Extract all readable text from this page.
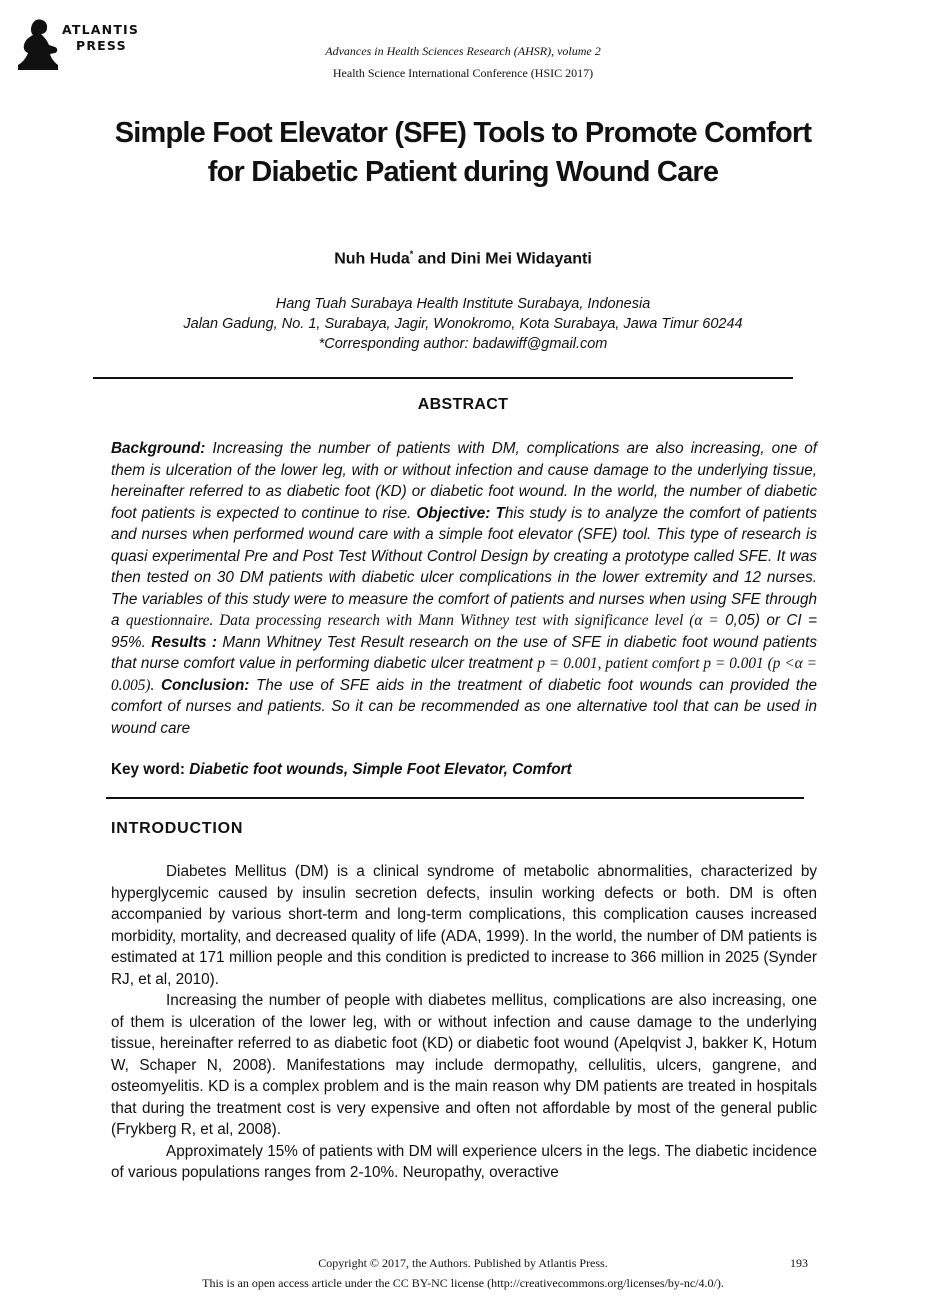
ATLANTIS
PRESS	Advances in Health Sciences Research (AHSR), volume 2
Health Science International Conference (HSIC 2017)
Simple Foot Elevator (SFE) Tools to Promote Comfort for Diabetic Patient during Wound Care
Nuh Huda* and Dini Mei Widayanti
Hang Tuah Surabaya Health Institute Surabaya, Indonesia
Jalan Gadung, No. 1, Surabaya, Jagir, Wonokromo, Kota Surabaya, Jawa Timur 60244
*Corresponding author: badawiff@gmail.com
ABSTRACT

Background: Increasing the number of patients with DM, complications are also increasing, one of them is ulceration of the lower leg, with or without infection and cause damage to the underlying tissue, hereinafter referred to as diabetic foot (KD) or diabetic foot wound. In the world, the number of diabetic foot patients is expected to continue to rise. Objective: This study is to analyze the comfort of patients and nurses when performed wound care with a simple foot elevator (SFE) tool. This type of research is quasi experimental Pre and Post Test Without Control Design by creating a prototype called SFE. It was then tested on 30 DM patients with diabetic ulcer complications in the lower extremity and 12 nurses. The variables of this study were to measure the comfort of patients and nurses when using SFE through a questionnaire. Data processing research with Mann Withney test with significance level (α = 0,05) or CI = 95%. Results : Mann Whitney Test Result research on the use of SFE in diabetic foot wound patients that nurse comfort value in performing diabetic ulcer treatment p = 0.001, patient comfort p = 0.001 (p <α = 0.005). Conclusion: The use of SFE aids in the treatment of diabetic foot wounds can provided the comfort of nurses and patients. So it can be recommended as one alternative tool that can be used in wound care

Key word: Diabetic foot wounds, Simple Foot Elevator, Comfort
INTRODUCTION

Diabetes Mellitus (DM) is a clinical syndrome of metabolic abnormalities, characterized by hyperglycemic caused by insulin secretion defects, insulin working defects or both. DM is often accompanied by various short-term and long-term complications, this complication causes increased morbidity, mortality, and decreased quality of life (ADA, 1999). In the world, the number of DM patients is estimated at 171 million people and this condition is predicted to increase to 366 million in 2025 (Synder RJ, et al, 2010).

Increasing the number of people with diabetes mellitus, complications are also increasing, one of them is ulceration of the lower leg, with or without infection and cause damage to the underlying tissue, hereinafter referred to as diabetic foot (KD) or diabetic foot wound (Apelqvist J, bakker K, Hotum W, Schaper N, 2008). Manifestations may include dermopathy, cellulitis, ulcers, gangrene, and osteomyelitis. KD is a complex problem and is the main reason why DM patients are treated in hospitals that during the treatment cost is very expensive and often not affordable by most of the general public (Frykberg R, et al, 2008).

Approximately 15% of patients with DM will experience ulcers in the legs. The diabetic incidence of various populations ranges from 2-10%. Neuropathy, overactive

Copyright © 2017, the Authors. Published by Atlantis Press.
This is an open access article under the CC BY-NC license (http://creativecommons.org/licenses/by-nc/4.0/).
193
